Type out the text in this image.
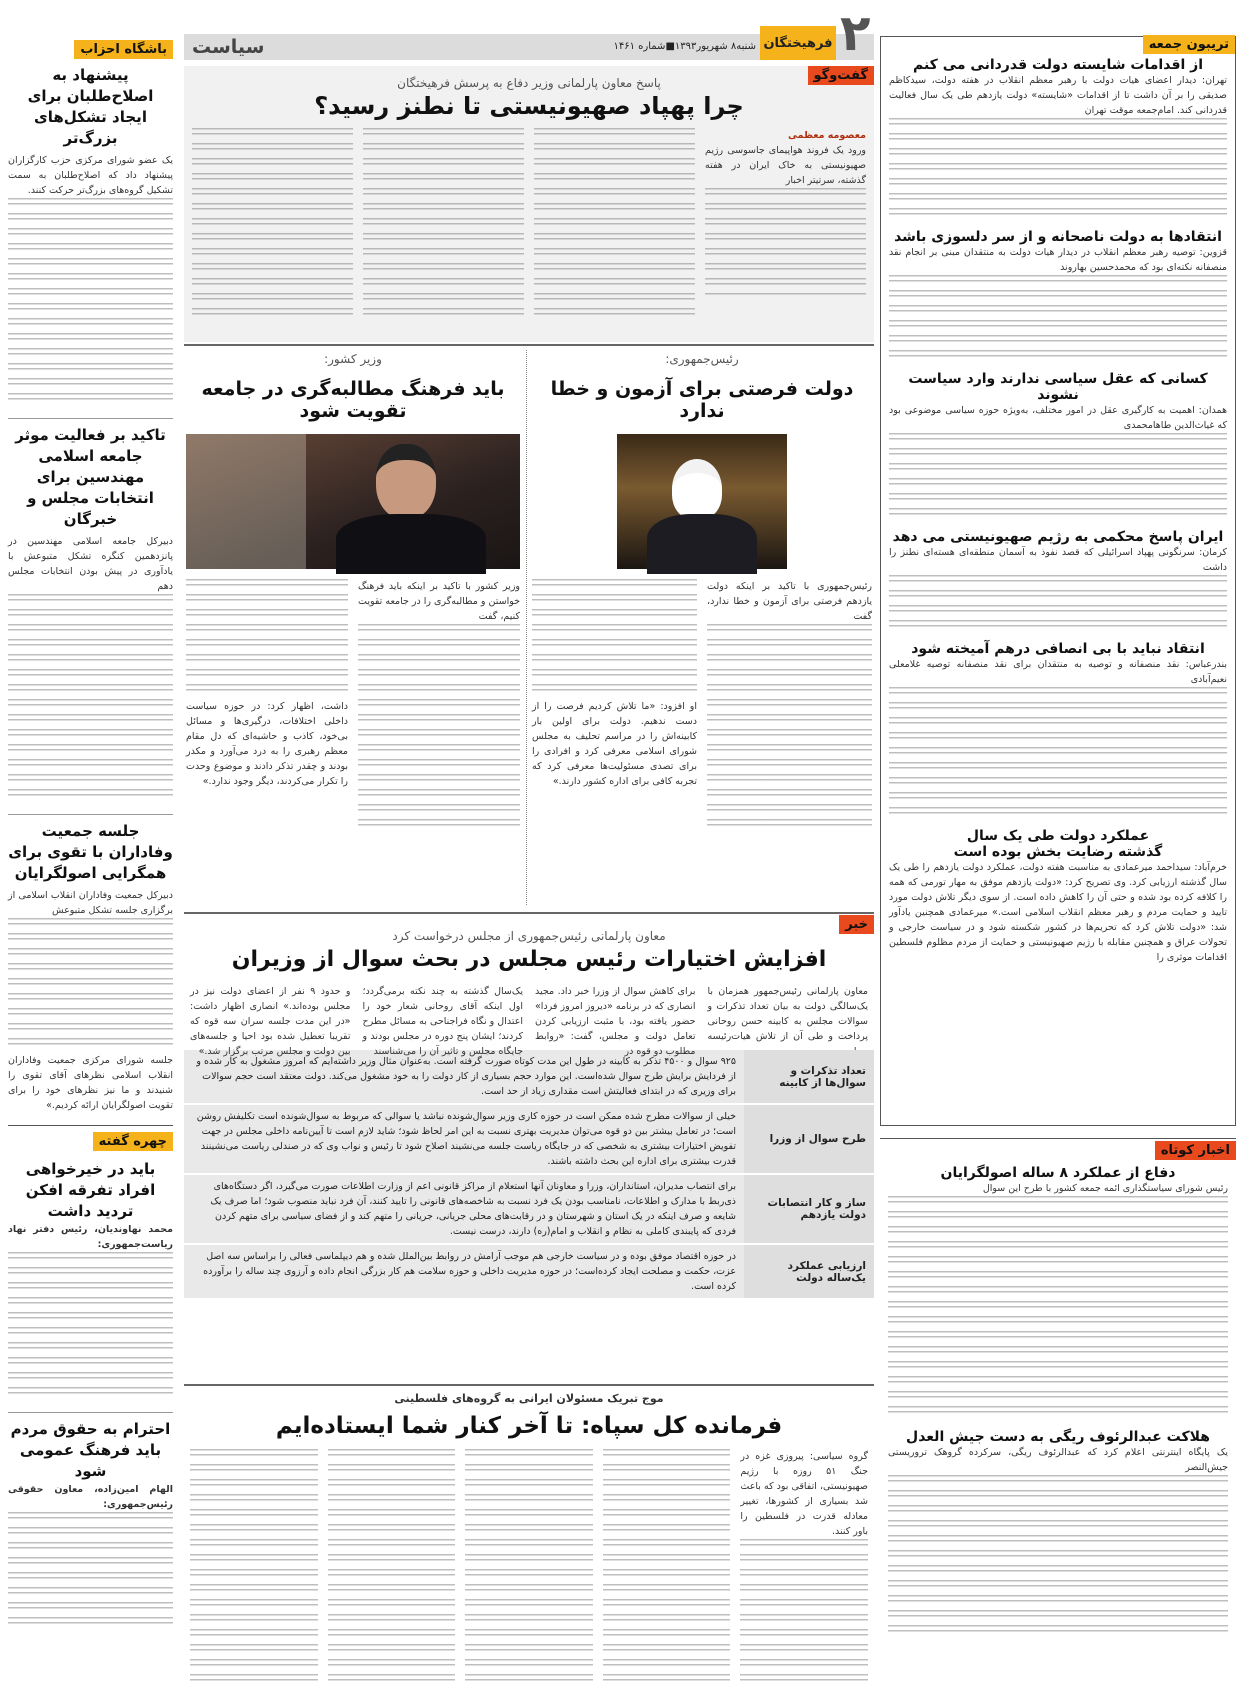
باشگاه احزاب
پیشنهاد به اصلاح‌طلبان برای ایجاد تشکل‌های بزرگ‌تر
یک عضو شورای مرکزی حزب کارگزاران پیشنهاد داد که اصلاح‌طلبان به سمت تشکیل گروه‌های بزرگ‌تر حرکت کنند.
تاکید بر فعالیت موثر جامعه اسلامی مهندسین برای انتخابات مجلس و خبرگان
دبیرکل جامعه اسلامی مهندسین در پانزدهمین کنگره تشکل متبوعش با یادآوری در پیش بودن انتخابات مجلس دهم
جلسه جمعیت وفاداران با تقوی برای همگرایی اصولگرایان
دبیرکل جمعیت وفاداران انقلاب اسلامی از برگزاری جلسه تشکل متبوعش
جلسه شورای مرکزی جمعیت وفاداران انقلاب اسلامی نظرهای آقای تقوی را شنیدند و ما نیز نظرهای خود را برای تقویت اصولگرایان ارائه کردیم.»
چهره گفته
باید در خیرخواهی افراد تفرقه افکن تردید داشت
محمد نهاوندیان، رئیس دفتر نهاد ریاست‌جمهوری:
احترام به حقوق مردم باید فرهنگ عمومی شود
الهام امین‌زاده، معاون حقوقی رئیس‌جمهوری:
سیاست	شنبه۸ شهریور۱۳۹۳■شماره ۱۴۶۱ فرهیختگان ۲
گفت‌وگو
پاسخ معاون پارلمانی وزیر دفاع به پرسش فرهیختگان
چرا پهپاد صهیونیستی تا نطنز رسید؟
معصومه معظمی
ورود یک فروند هواپیمای جاسوسی رژیم صهیونیستی به خاک ایران در هفته گذشته، سرتیتر اخبار
رئیس‌جمهوری:
دولت فرصتی برای آزمون و خطا ندارد
رئیس‌جمهوری با تاکید بر اینکه دولت یازدهم فرصتی برای آزمون و خطا ندارد، گفت
او افزود: «ما تلاش کردیم فرصت را از دست ندهیم. دولت برای اولین بار کابینه‌اش را در مراسم تحلیف به مجلس شورای اسلامی معرفی کرد و افرادی را برای تصدی مسئولیت‌ها معرفی کرد که تجربه کافی برای اداره کشور دارند.»
وزیر کشور:
باید فرهنگ مطالبه‌گری در جامعه تقویت شود
وزیر کشور با تاکید بر اینکه باید فرهنگ خواستن و مطالبه‌گری را در جامعه تقویت کنیم، گفت
داشت، اظهار کرد: در حوزه سیاست داخلی اختلافات، درگیری‌ها و مسائل بی‌خود، کاذب و حاشیه‌ای که دل مقام معظم رهبری را به درد می‌آورد و مکدر بودند و چقدر تذکر دادند و موضوع وحدت را تکرار می‌کردند، دیگر وجود ندارد.»
خبر
معاون پارلمانی رئیس‌جمهوری از مجلس درخواست کرد
افزایش اختیارات رئیس مجلس در بحث سوال از وزیران
معاون پارلمانی رئیس‌جمهور همزمان با یک‌سالگی دولت به بیان تعداد تذکرات و سوالات مجلس به کابینه حسن روحانی پرداخت و طی آن از تلاش هیات‌رئیسه
برای کاهش سوال از وزرا خبر داد. مجید انصاری که در برنامه «دیروز امروز فردا» حضور یافته بود، با مثبت ارزیابی کردن تعامل دولت و مجلس، گفت: «روابط مطلوب دو قوه در
یک‌سال گذشته به چند نکته برمی‌گردد؛ اول اینکه آقای روحانی شعار خود را اعتدال و نگاه فراجناحی به مسائل مطرح کردند؛ ایشان پنج دوره در مجلس بودند و جایگاه مجلس و تاثیر آن را می‌شناسند
و حدود ۹ نفر از اعضای دولت نیز در مجلس بوده‌اند.» انصاری اظهار داشت: «در این مدت جلسه سران سه قوه که تقریبا تعطیل شده بود احیا و جلسه‌های بین دولت و مجلس مرتب برگزار شد.»
تعداد تذکرات و سوال‌ها از کابینه
۹۲۵ سوال و ۴۵۰۰ تذکر به کابینه در طول این مدت کوتاه صورت گرفته است. به‌عنوان مثال وزیر داشته‌ایم که امروز مشغول به کار شده و از فردایش برایش طرح سوال شده‌است. این موارد حجم بسیاری از کار دولت را به خود مشغول می‌کند. دولت معتقد است حجم سوالات برای وزیری که در ابتدای فعالیتش است مقداری زیاد از حد است.
طرح سوال از وزرا
خیلی از سوالات مطرح شده ممکن است در حوزه کاری وزیر سوال‌شونده نباشد یا سوالی که مربوط به سوال‌شونده است تکلیفش روشن است؛ در تعامل بیشتر بین دو قوه می‌توان مدیریت بهتری نسبت به این امر لحاظ شود؛ شاید لازم است تا آیین‌نامه داخلی مجلس در جهت تفویض اختیارات بیشتری به شخصی که در جایگاه ریاست جلسه می‌نشیند اصلاح شود تا رئیس و نواب وی که در صندلی ریاست می‌نشینند قدرت بیشتری برای اداره این بحث داشته باشند.
ساز و کار انتصابات دولت یازدهم
برای انتصاب مدیران، استانداران، وزرا و معاونان آنها استعلام از مراکز قانونی اعم از وزارت اطلاعات صورت می‌گیرد، اگر دستگاه‌های ذی‌ربط با مدارک و اطلاعات، نامناسب بودن یک فرد نسبت به شاخصه‌های قانونی را تایید کنند، آن فرد نباید منصوب شود؛ اما صرف یک شایعه و صرف اینکه در یک استان و شهرستان و در رقابت‌های محلی جریانی، جریانی را متهم کند و از فضای سیاسی برای متهم کردن فردی که پایبندی کاملی به نظام و انقلاب و امام(ره) دارند، درست نیست.
ارزیابی عملکرد یک‌ساله دولت
در حوزه اقتصاد موفق بوده و در سیاست خارجی هم موجب آرامش در روابط بین‌الملل شده و هم دیپلماسی فعالی را براساس سه اصل عزت، حکمت و مصلحت ایجاد کرده‌است؛ در حوزه مدیریت داخلی و حوزه سلامت هم کار بزرگی انجام داده و آرزوی چند ساله را برآورده کرده است.
موج تبریک مسئولان ایرانی به گروه‌های فلسطینی
فرمانده کل سپاه: تا آخر کنار شما ایستاده‌ایم
گروه سیاسی: پیروزی غزه در جنگ ۵۱ روزه با رژیم صهیونیستی، اتفاقی بود که باعث شد بسیاری از کشورها، تغییر معادله قدرت در فلسطین را باور کنند.
تریبون جمعه
از اقدامات شایسته دولت قدردانی می کنم
تهران: دیدار اعضای هیات دولت با رهبر معظم انقلاب در هفته دولت، سیدکاظم صدیقی را بر آن داشت تا از اقدامات «شایسته» دولت یازدهم طی یک سال فعالیت قدردانی کند. امام‌جمعه موقت تهران
انتقادها به دولت ناصحانه و از سر دلسوزی باشد
قزوین: توصیه رهبر معظم انقلاب در دیدار هیات دولت به منتقدان مبنی بر انجام نقد منصفانه نکته‌ای بود که محمدحسین بهاروند
کسانی که عقل سیاسی ندارند وارد سیاست نشوند
همدان: اهمیت به کارگیری عقل در امور مختلف، به‌ویژه حوزه سیاسی موضوعی بود که غیاث‌الدین طاهامحمدی
ایران پاسخ محکمی به رژیم صهیونیستی می دهد
کرمان: سرنگونی پهپاد اسرائیلی که قصد نفوذ به آسمان منطقه‌ای هسته‌ای نطنز را داشت
انتقاد نباید با بی انصافی درهم آمیخته شود
بندرعباس: نقد منصفانه و توصیه به منتقدان برای نقد منصفانه توصیه غلامعلی نعیم‌آبادی
عملکرد دولت طی یک سال گذشته رضایت بخش بوده است
خرم‌آباد: سیداحمد میرعمادی به مناسبت هفته دولت، عملکرد دولت یازدهم را طی یک سال گذشته ارزیابی کرد. وی تصریح کرد: «دولت یازدهم موفق به مهار تورمی که همه را کلافه کرده بود شده و حتی آن را کاهش داده است. از سوی دیگر تلاش دولت مورد تایید و حمایت مردم و رهبر معظم انقلاب اسلامی است.» میرعمادی همچنین یادآور شد: «دولت تلاش کرد که تحریم‌ها در کشور شکسته شود و در سیاست خارجی و تحولات عراق و همچنین مقابله با رژیم صهیونیستی و حمایت از مردم مظلوم فلسطین اقدامات موثری را
اخبار کوتاه
دفاع از عملکرد ۸ ساله اصولگرایان
رئیس شورای سیاستگذاری ائمه جمعه کشور با طرح این سوال
هلاکت عبدالرئوف ریگی به دست جیش العدل
یک پایگاه اینترنتی اعلام کرد که عبدالرئوف ریگی، سرکرده گروهک تروریستی جیش‌النصر
